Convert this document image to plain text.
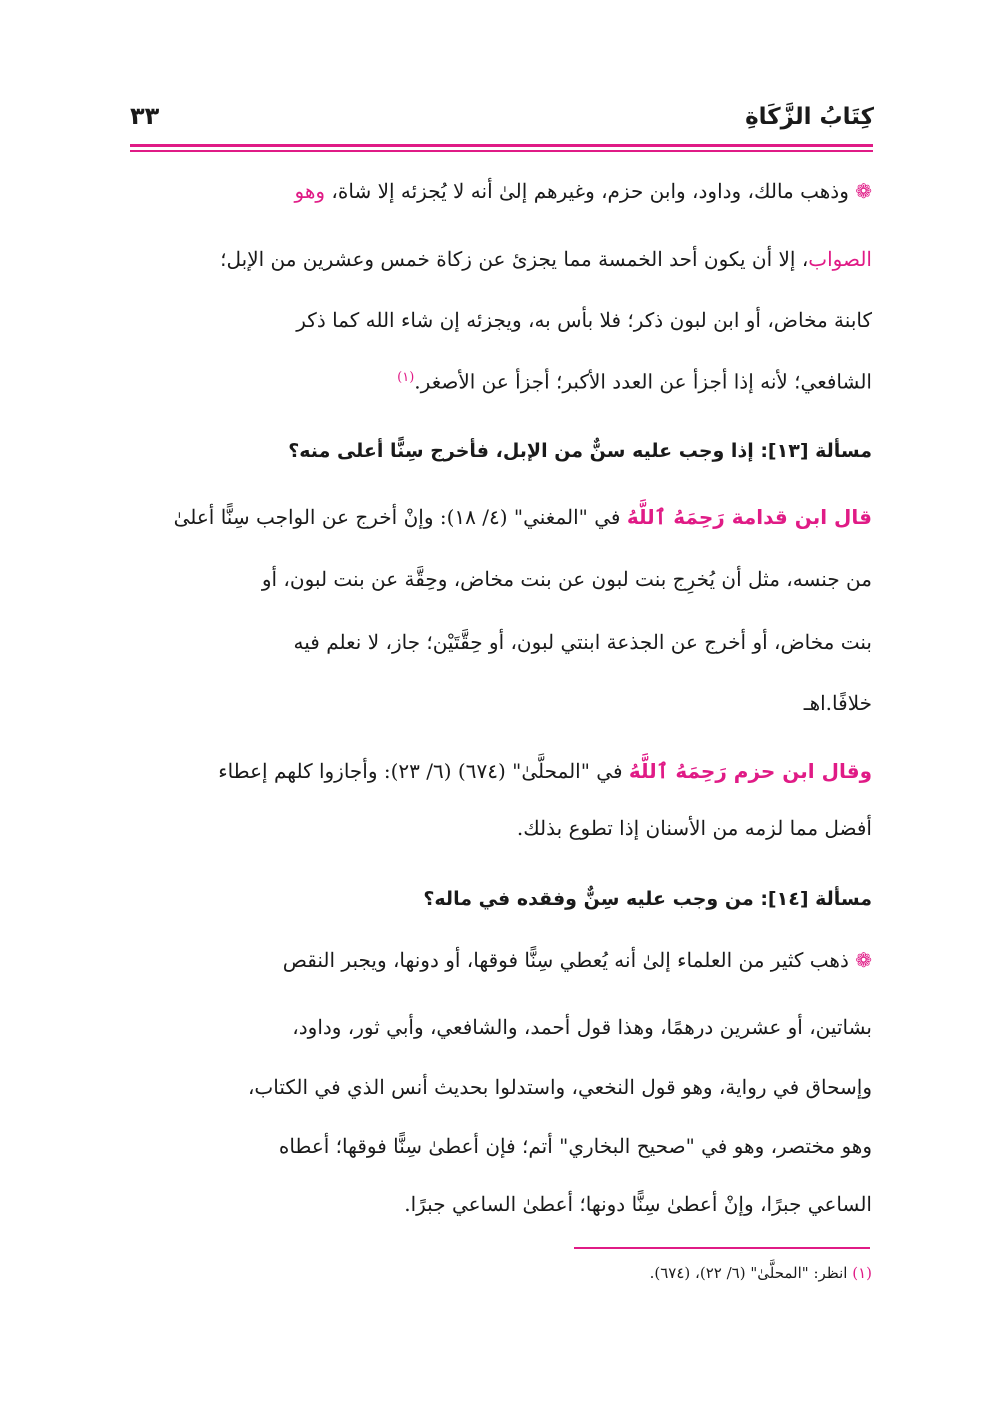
كِتَابُ الزَّكَاةِ
٣٣
❁ وذهب مالك، وداود، وابن حزم، وغيرهم إلىٰ أنه لا يُجزئه إلا شاة، وهو
الصواب، إلا أن يكون أحد الخمسة مما يجزئ عن زكاة خمس وعشرين من الإبل؛
كابنة مخاض، أو ابن لبون ذكر؛ فلا بأس به، ويجزئه إن شاء الله كما ذكر
الشافعي؛ لأنه إذا أجزأ عن العدد الأكبر؛ أجزأ عن الأصغر.$^{(١)}$
مسألة [١٣]: إذا وجب عليه سنٌّ من الإبل، فأخرج سِنًّا أعلى منه؟
قال ابن قدامة رَحِمَهُ ٱللَّهُ في "المغني" (٤/ ١٨): وإنْ أخرج عن الواجب سِنًّا أعلىٰ
من جنسه، مثل أن يُخرِج بنت لبون عن بنت مخاض، وحِقَّة عن بنت لبون، أو
بنت مخاض، أو أخرج عن الجذعة ابنتي لبون، أو حِقَّتَيْن؛ جاز، لا نعلم فيه
خلافًا.اهـ
وقال ابن حزم رَحِمَهُ ٱللَّهُ في "المحلَّىٰ" (٦٧٤) (٦/ ٢٣): وأجازوا كلهم إعطاء
أفضل مما لزمه من الأسنان إذا تطوع بذلك.
مسألة [١٤]: من وجب عليه سِنٌّ وفقده في ماله؟
❁ ذهب كثير من العلماء إلىٰ أنه يُعطي سِنًّا فوقها، أو دونها، ويجبر النقص
بشاتين، أو عشرين درهمًا، وهذا قول أحمد، والشافعي، وأبي ثور، وداود،
وإسحاق في رواية، وهو قول النخعي، واستدلوا بحديث أنس الذي في الكتاب،
وهو مختصر، وهو في "صحيح البخاري" أتم؛ فإن أعطىٰ سِنًّا فوقها؛ أعطاه
الساعي جبرًا، وإنْ أعطىٰ سِنًّا دونها؛ أعطىٰ الساعي جبرًا.
(١) انظر: "المحلَّىٰ" (٦/ ٢٢)، (٦٧٤).
